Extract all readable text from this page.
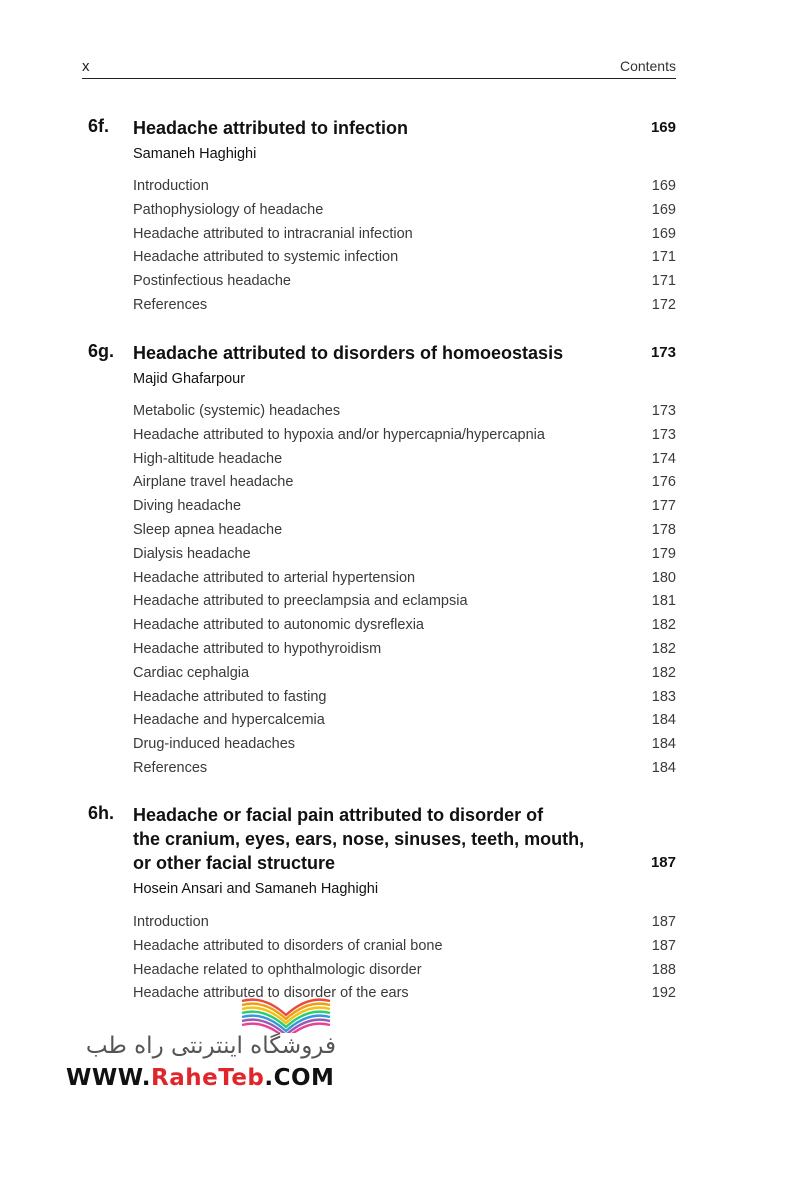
x	Contents
6f.	Headache attributed to infection	169
Samaneh Haghighi
Introduction	169
Pathophysiology of headache	169
Headache attributed to intracranial infection	169
Headache attributed to systemic infection	171
Postinfectious headache	171
References	172
6g.	Headache attributed to disorders of homoeostasis	173
Majid Ghafarpour
Metabolic (systemic) headaches	173
Headache attributed to hypoxia and/or hypercapnia/hypercapnia	173
High-altitude headache	174
Airplane travel headache	176
Diving headache	177
Sleep apnea headache	178
Dialysis headache	179
Headache attributed to arterial hypertension	180
Headache attributed to preeclampsia and eclampsia	181
Headache attributed to autonomic dysreflexia	182
Headache attributed to hypothyroidism	182
Cardiac cephalgia	182
Headache attributed to fasting	183
Headache and hypercalcemia	184
Drug-induced headaches	184
References	184
6h.	Headache or facial pain attributed to disorder of
the cranium, eyes, ears, nose, sinuses, teeth, mouth,
or other facial structure	187
Hosein Ansari and Samaneh Haghighi
Introduction	187
Headache attributed to disorders of cranial bone	187
Headache related to ophthalmologic disorder	188
Headache attributed to disorder of the ears	192
فروشگاه اینترنتی راه طب
WWW.RaheTeb.COM
